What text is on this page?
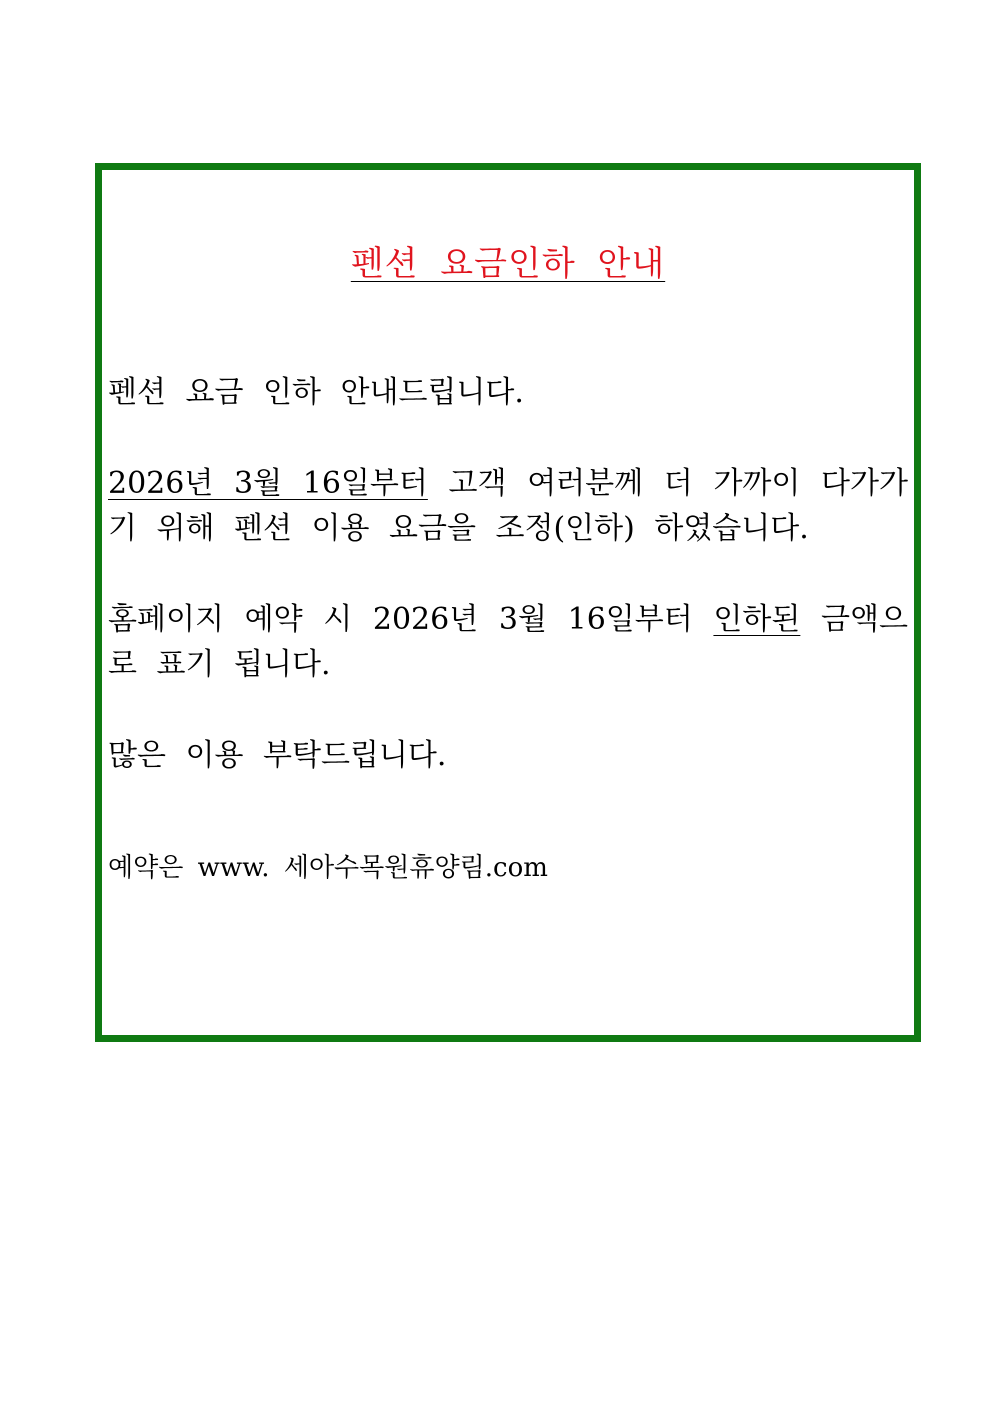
펜션 요금인하 안내

펜션 요금 인하 안내드립니다.

2026년 3월 16일부터 고객 여러분께 더 가까이 다가가기 위해 펜션 이용 요금을 조정(인하) 하였습니다.

홈페이지 예약 시 2026년 3월 16일부터 인하된 금액으로 표기 됩니다.

많은 이용 부탁드립니다.

예약은 www. 세아수목원휴양림.com
